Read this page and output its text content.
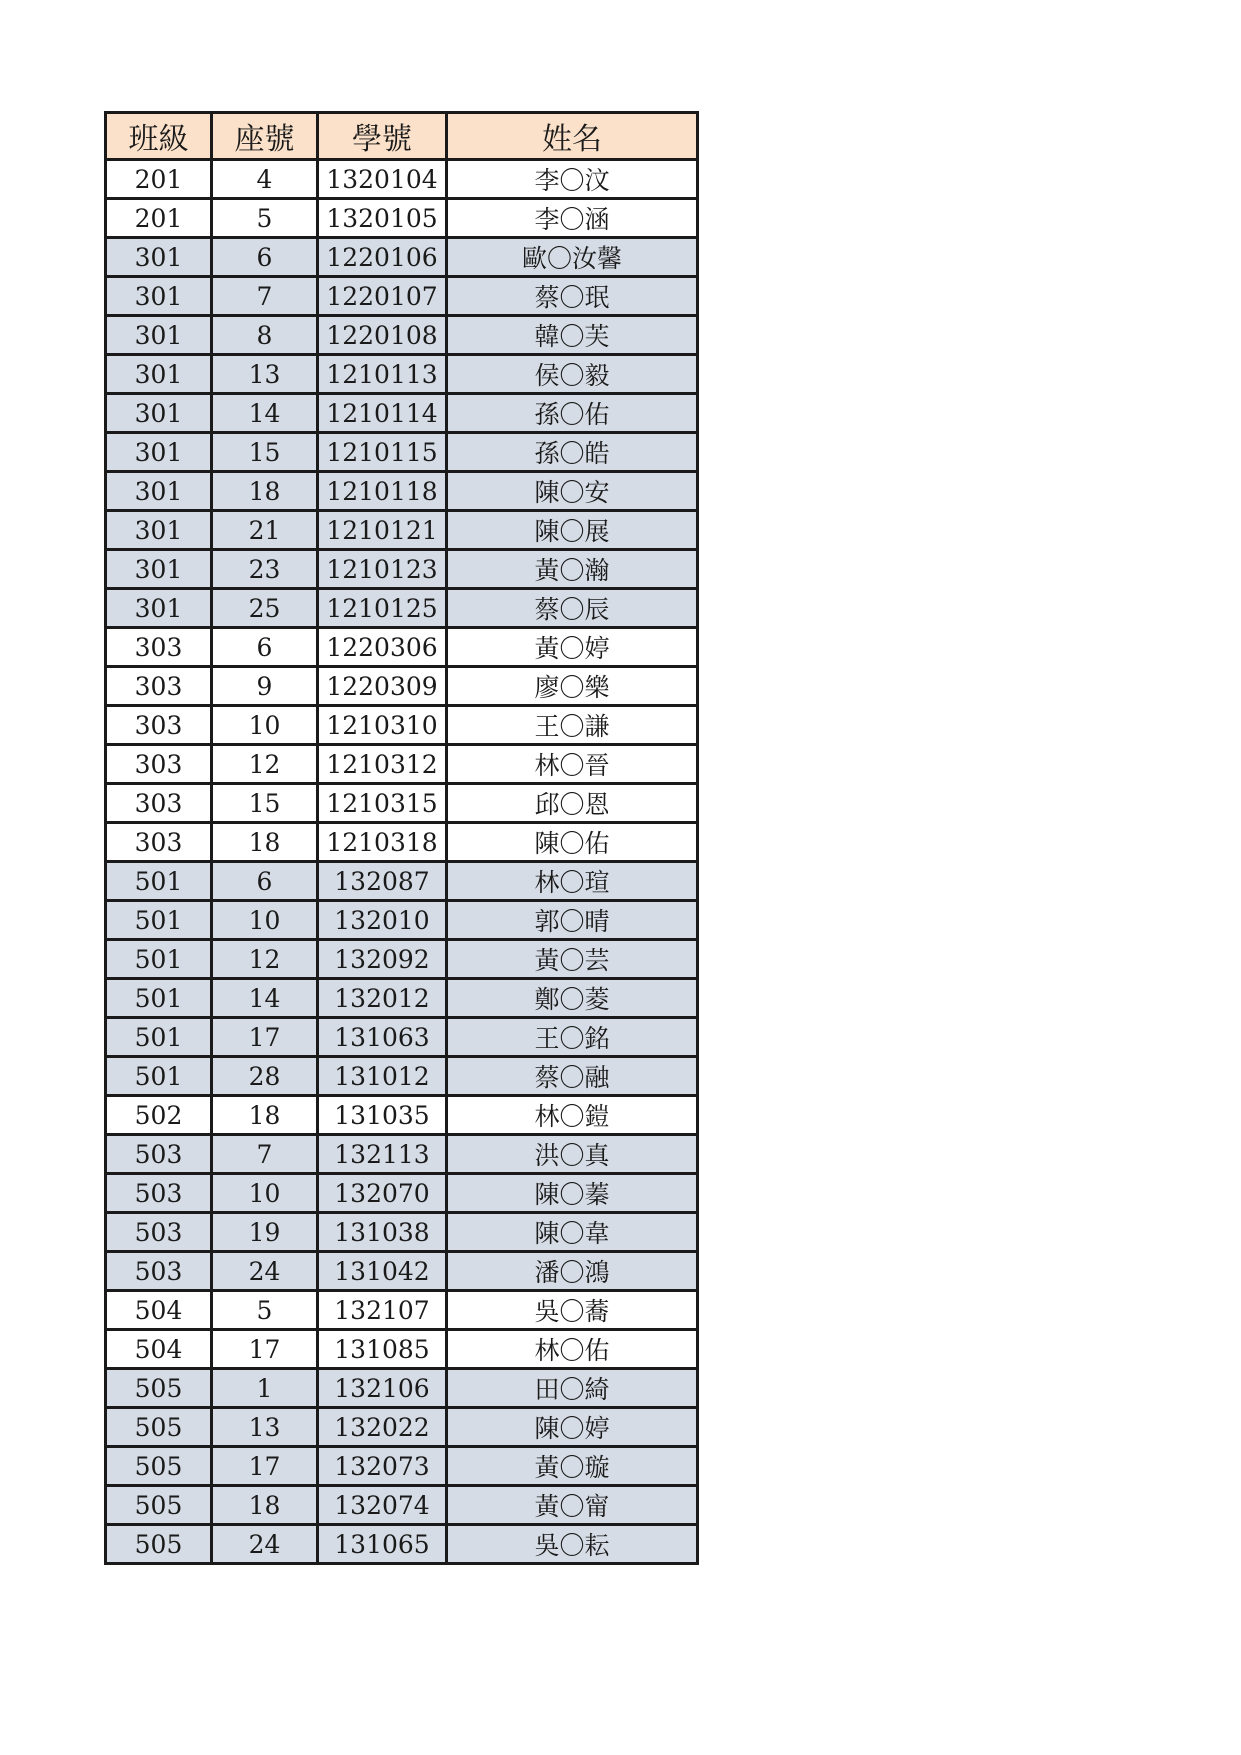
班級	座號	學號	姓名
201	4	1320104	李〇汶
201	5	1320105	李〇涵
301	6	1220106	歐〇汝馨
301	7	1220107	蔡〇珉
301	8	1220108	韓〇芙
301	13	1210113	侯〇毅
301	14	1210114	孫〇佑
301	15	1210115	孫〇皓
301	18	1210118	陳〇安
301	21	1210121	陳〇展
301	23	1210123	黃〇瀚
301	25	1210125	蔡〇辰
303	6	1220306	黃〇婷
303	9	1220309	廖〇樂
303	10	1210310	王〇謙
303	12	1210312	林〇晉
303	15	1210315	邱〇恩
303	18	1210318	陳〇佑
501	6	132087	林〇瑄
501	10	132010	郭〇晴
501	12	132092	黃〇芸
501	14	132012	鄭〇菱
501	17	131063	王〇銘
501	28	131012	蔡〇融
502	18	131035	林〇鎧
503	7	132113	洪〇真
503	10	132070	陳〇蓁
503	19	131038	陳〇韋
503	24	131042	潘〇鴻
504	5	132107	吳〇蕎
504	17	131085	林〇佑
505	1	132106	田〇綺
505	13	132022	陳〇婷
505	17	132073	黃〇璇
505	18	132074	黃〇甯
505	24	131065	吳〇耘
